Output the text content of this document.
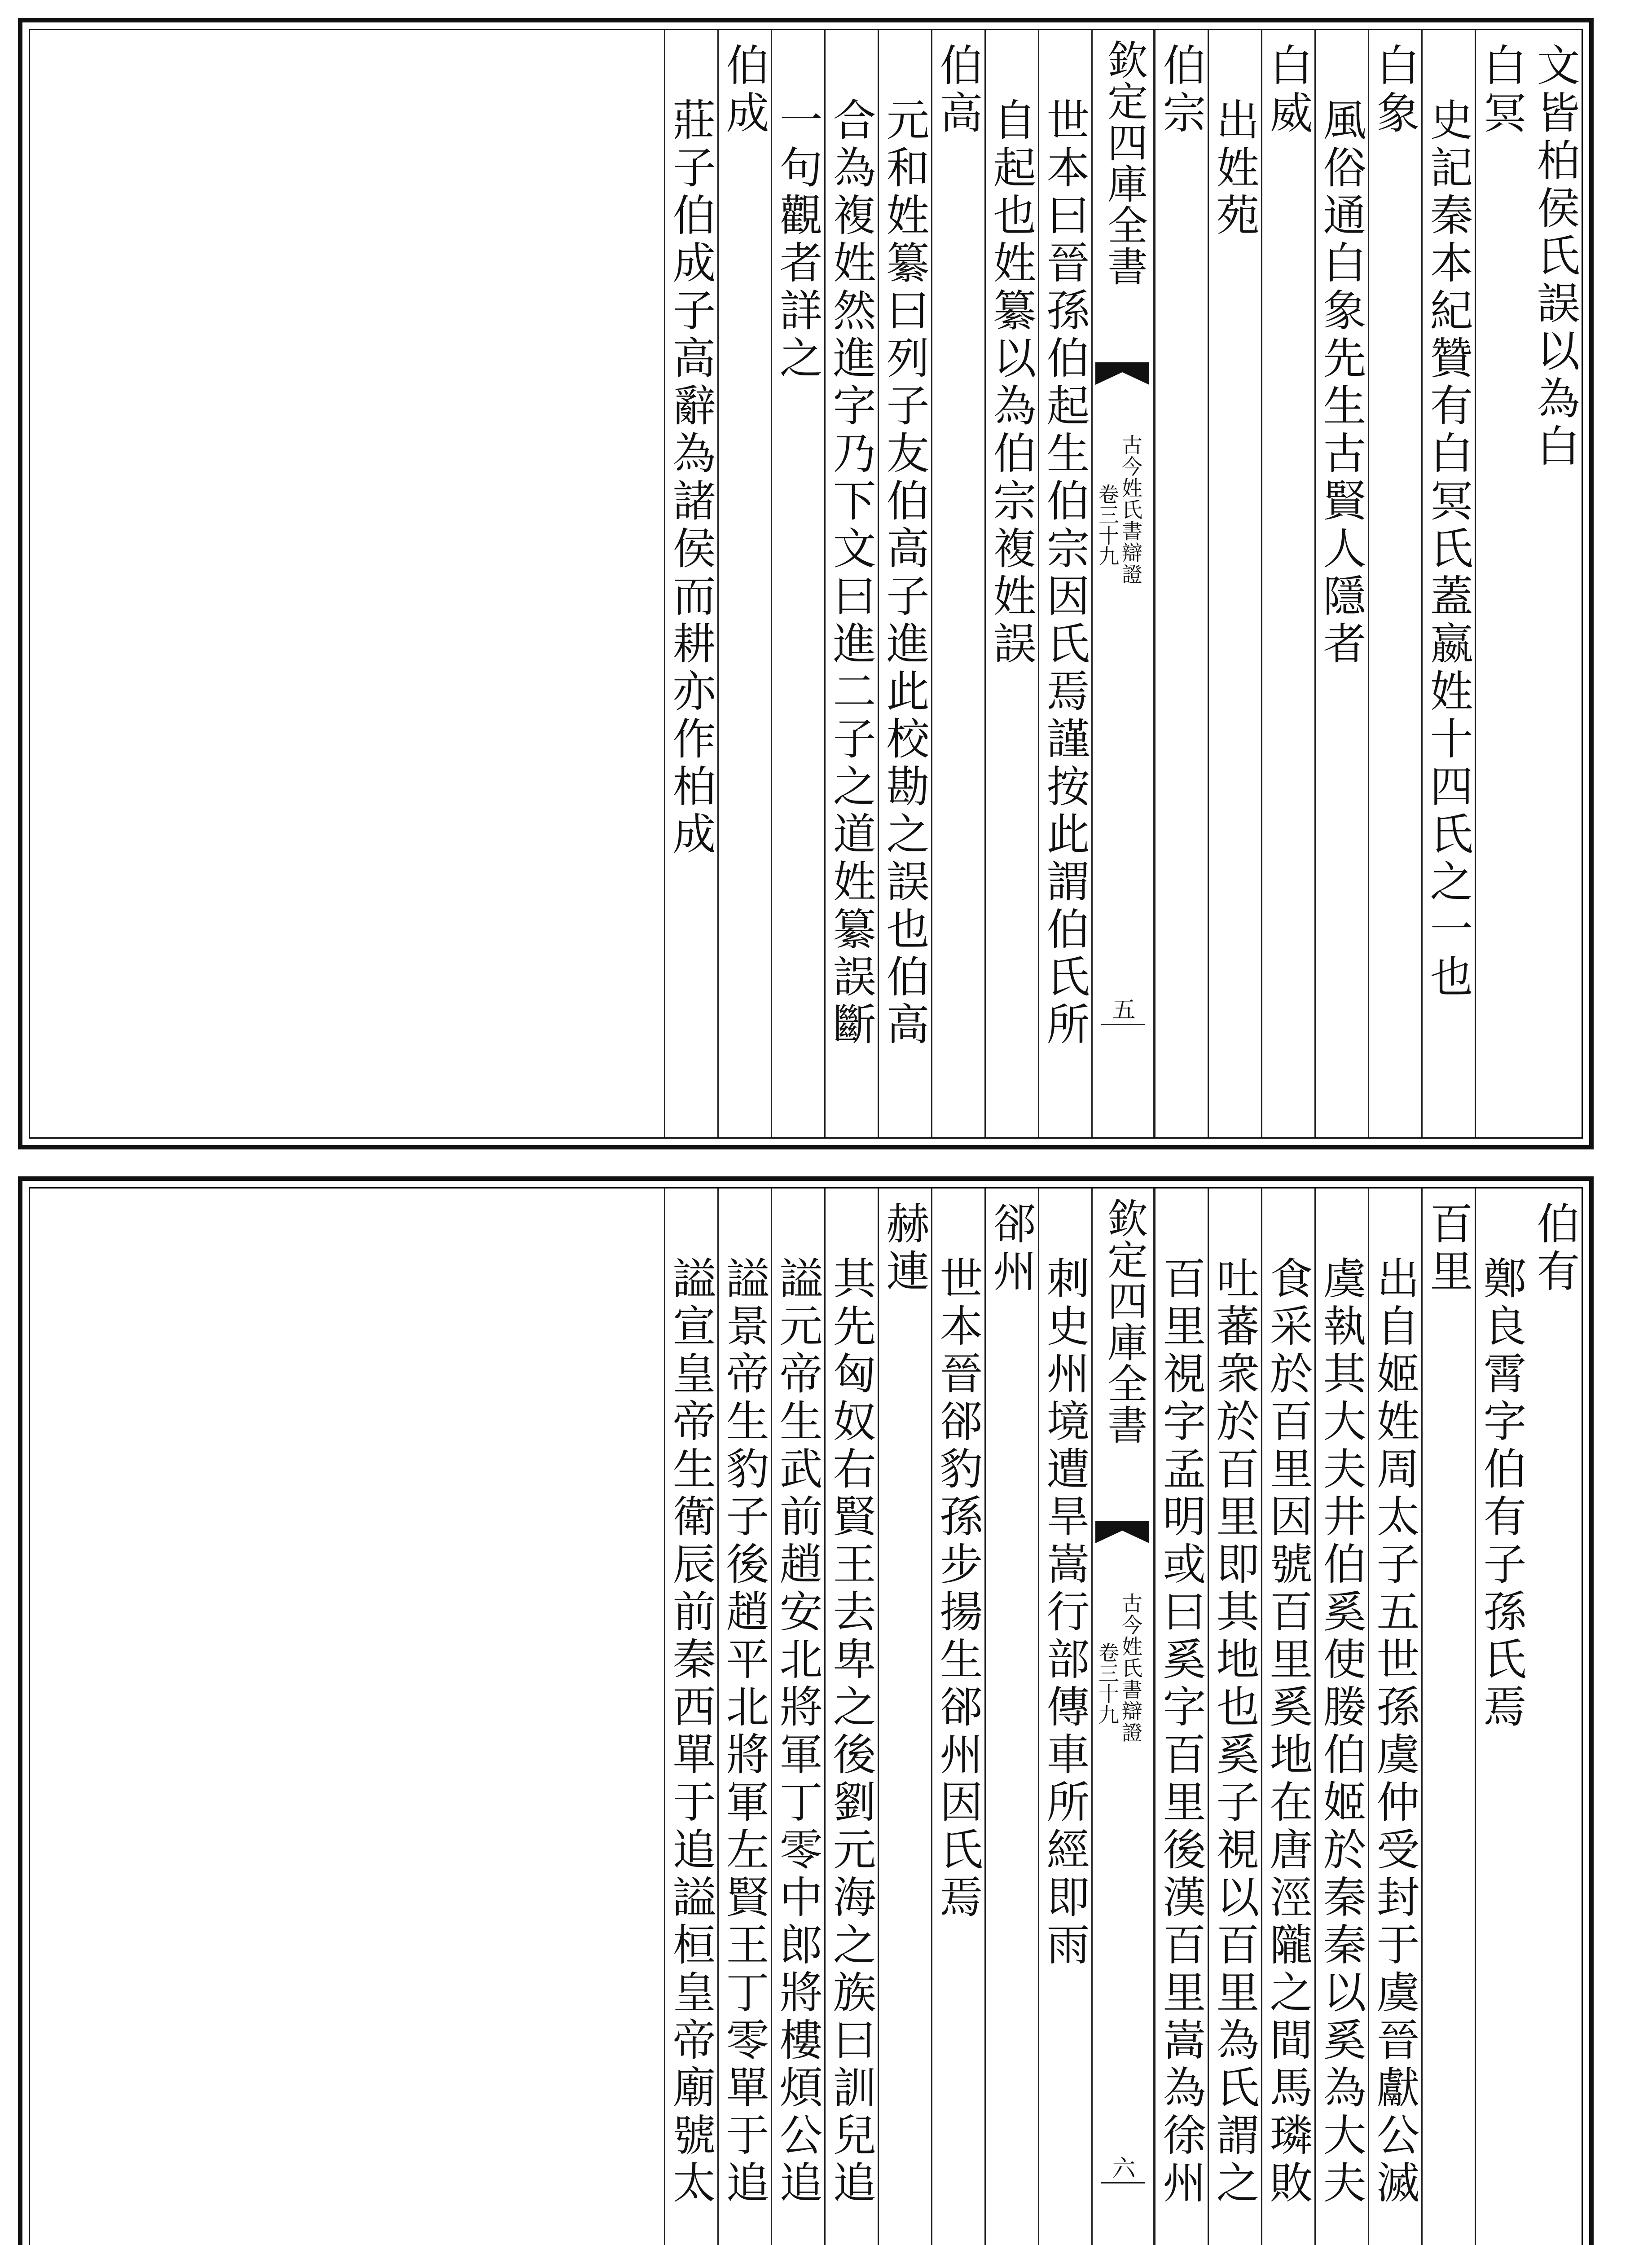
文皆柏侯氏誤以為白
白冥
史記秦本紀贊有白冥氏蓋嬴姓十四氏之一也
白象
風俗通白象先生古賢人隱者
白威
出姓苑
伯宗
欽定四庫全書
古今姓氏書辯證
卷三十九
五
世本曰晉孫伯起生伯宗因氏焉謹按此謂伯氏所
自起也姓纂以為伯宗複姓誤
伯高
元和姓纂曰列子友伯高子進此校勘之誤也伯高
合為複姓然進字乃下文曰進二子之道姓纂誤斷
一句觀者詳之
伯成
莊子伯成子高辭為諸侯而耕亦作柏成
伯有
鄭良霄字伯有子孫氏焉
百里
出自姬姓周太子五世孫虞仲受封于虞晉獻公滅
虞執其大夫井伯奚使媵伯姬於秦秦以奚為大夫
食采於百里因號百里奚地在唐涇隴之間馬璘敗
吐蕃衆於百里即其地也奚子視以百里為氏謂之
百里視字孟明或曰奚字百里後漢百里嵩為徐州
欽定四庫全書
古今姓氏書辯證
卷三十九
六
刺史州境遭旱嵩行部傳車所經即雨
郤州
世本晉郤豹孫步揚生郤州因氏焉
赫連
其先匈奴右賢王去卑之後劉元海之族曰訓兒追
謚元帝生武前趙安北將軍丁零中郎將樓煩公追
謚景帝生豹子後趙平北將軍左賢王丁零單于追
謚宣皇帝生衛辰前秦西單于追謚桓皇帝廟號太
